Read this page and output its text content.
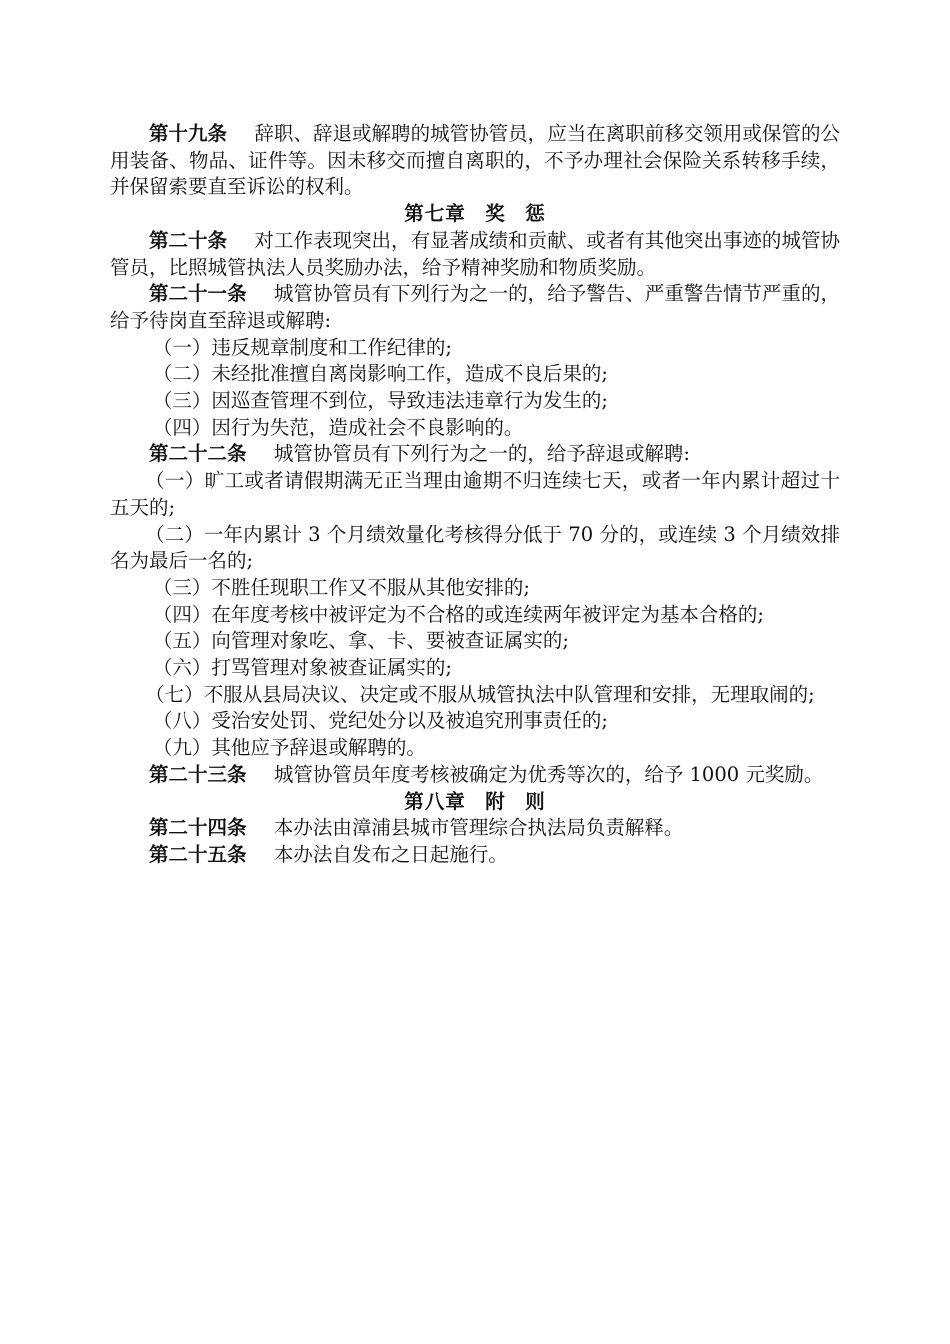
第十九条 辞职、辞退或解聘的城管协管员，应当在离职前移交领用或保管的公用装备、物品、证件等。因未移交而擅自离职的，不予办理社会保险关系转移手续，并保留索要直至诉讼的权利。

第七章 奖 惩

第二十条 对工作表现突出，有显著成绩和贡献、或者有其他突出事迹的城管协管员，比照城管执法人员奖励办法，给予精神奖励和物质奖励。

第二十一条 城管协管员有下列行为之一的，给予警告、严重警告情节严重的，给予待岗直至辞退或解聘:

（一）违反规章制度和工作纪律的;

（二）未经批准擅自离岗影响工作，造成不良后果的;

（三）因巡查管理不到位，导致违法违章行为发生的;

（四）因行为失范，造成社会不良影响的。

第二十二条 城管协管员有下列行为之一的，给予辞退或解聘:

（一）旷工或者请假期满无正当理由逾期不归连续七天，或者一年内累计超过十五天的;

（二）一年内累计 3 个月绩效量化考核得分低于 70 分的，或连续 3 个月绩效排名为最后一名的;

（三）不胜任现职工作又不服从其他安排的;

（四）在年度考核中被评定为不合格的或连续两年被评定为基本合格的;

（五）向管理对象吃、拿、卡、要被查证属实的;

（六）打骂管理对象被查证属实的;

（七）不服从县局决议、决定或不服从城管执法中队管理和安排，无理取闹的;

（八）受治安处罚、党纪处分以及被追究刑事责任的;

（九）其他应予辞退或解聘的。

第二十三条 城管协管员年度考核被确定为优秀等次的，给予 1000 元奖励。

第八章 附 则

第二十四条 本办法由漳浦县城市管理综合执法局负责解释。

第二十五条 本办法自发布之日起施行。
